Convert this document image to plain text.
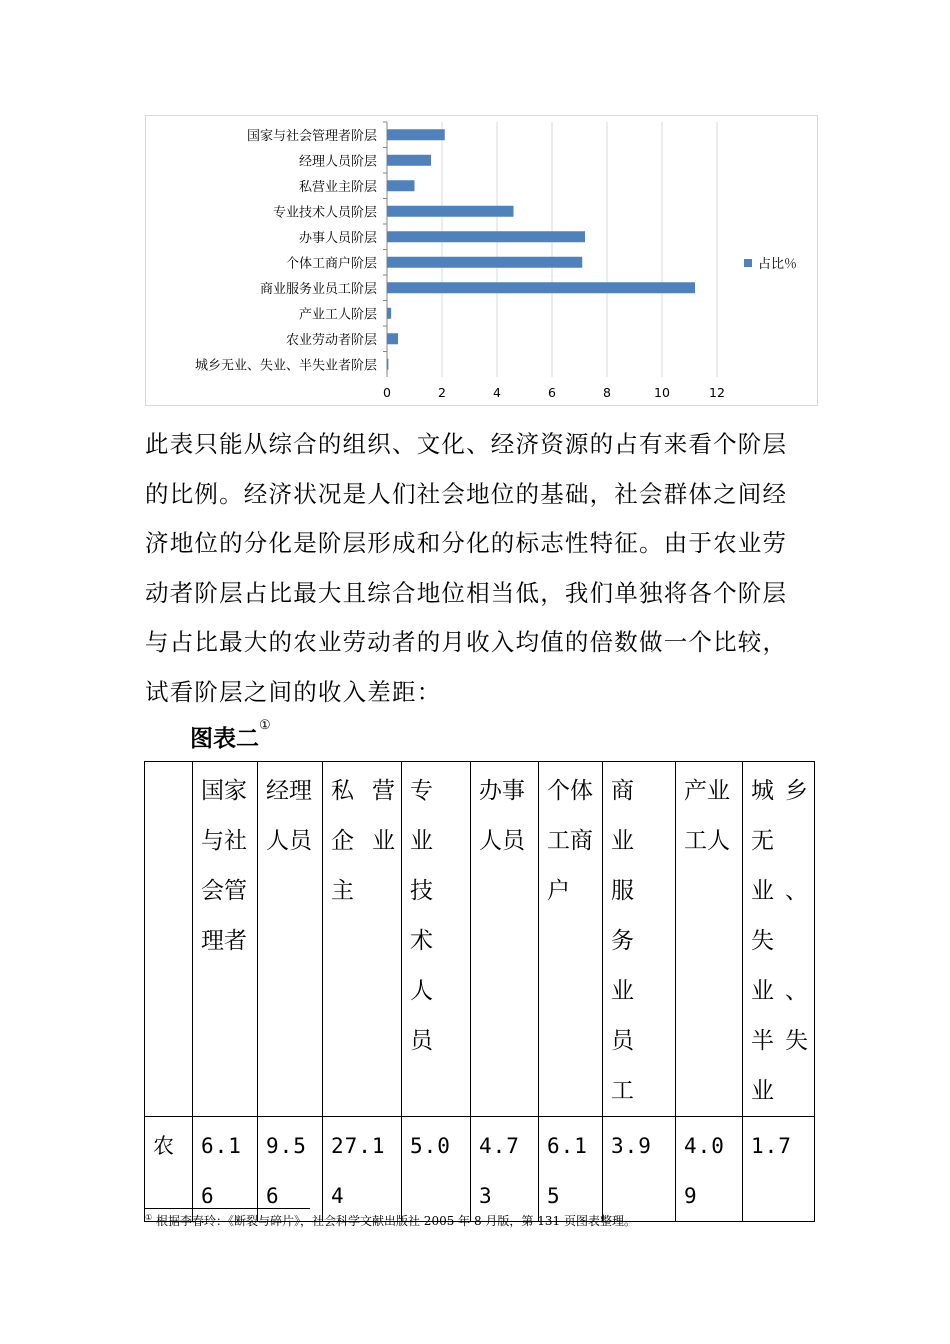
国家与社会管理者阶层
经理人员阶层
私营业主阶层
专业技术人员阶层
办事人员阶层
个体工商户阶层
商业服务业员工阶层
产业工人阶层
农业劳动者阶层
城乡无业、失业、半失业者阶层
0	2	4	6	8	10	12
占比％

此表只能从综合的组织、文化、经济资源的占有来看个阶层的比例。经济状况是人们社会地位的基础，社会群体之间经济地位的分化是阶层形成和分化的标志性特征。由于农业劳动者阶层占比最大且综合地位相当低，我们单独将各个阶层与占比最大的农业劳动者的月收入均值的倍数做一个比较，试看阶层之间的收入差距：

图表二①

	国家与社会管理者	经理人员	私营企业主	专业技术人员	办事人员	个体工商户	商业服务业员工	产业工人	城乡无业、失业、半失业
农	6.16	9.56	27.14	5.0	4.73	6.15	3.9	4.09	1.7

① 根据李春玲：《断裂与碎片》，社会科学文献出版社 2005 年 8 月版，第 131 页图表整理。
